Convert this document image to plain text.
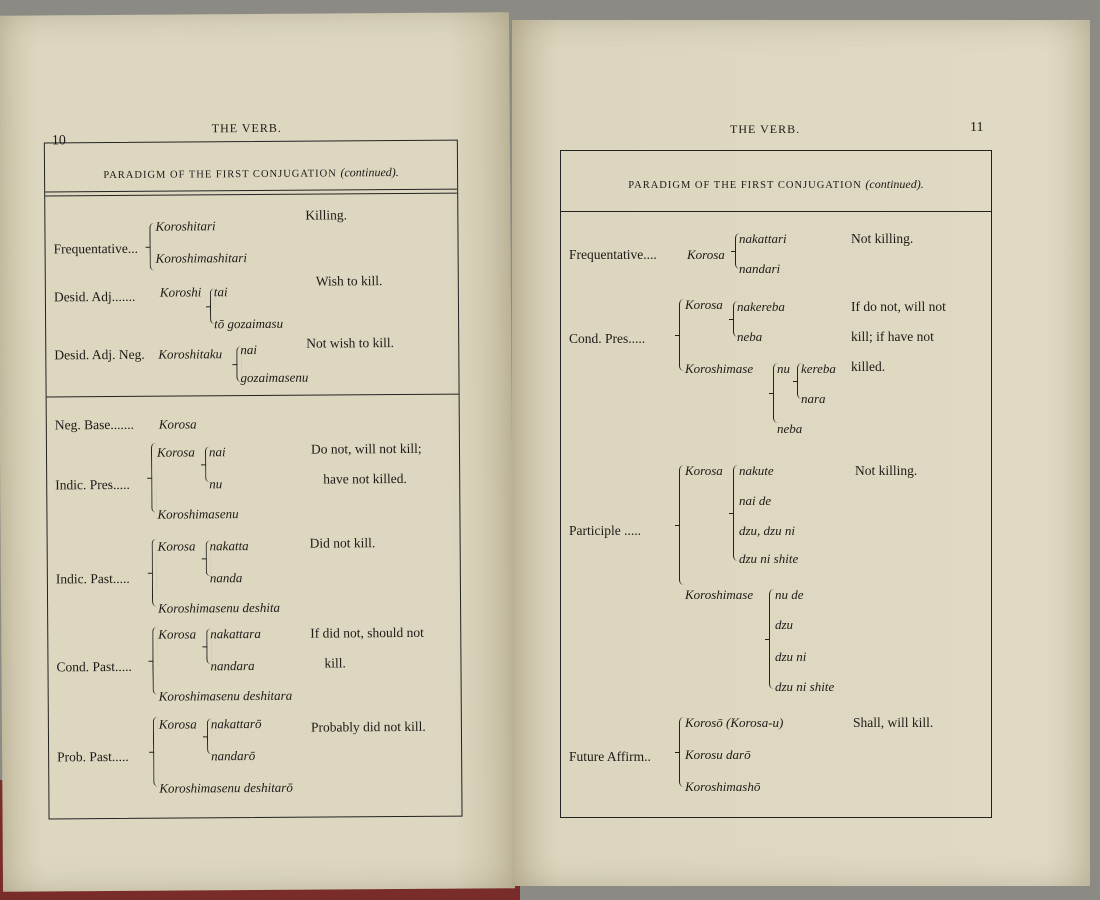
10
THE VERB.
PARADIGM OF THE FIRST CONJUGATION (continued).
Frequentative...
Koroshitari
Koroshimashitari
Killing.
Desid. Adj....... Koroshi tai
tō gozaimasu
Wish to kill.
Desid. Adj. Neg. Koroshitaku nai
gozaimasenu
Not wish to kill.
Neg. Base....... Korosa
Indic. Pres.....
Korosa nai
nu
Koroshimasenu
Do not, will not kill;
have not killed.
Indic. Past.....
Korosa nakatta
nanda
Koroshimasenu deshita
Did not kill.
Cond. Past.....
Korosa nakattara
nandara
Koroshimasenu deshitara
If did not, should not
kill.
Prob. Past.....
Korosa nakattarō
nandarō
Koroshimasenu deshitarō
Probably did not kill.
THE VERB.	11
PARADIGM OF THE FIRST CONJUGATION (continued).
Frequentative.... Korosa
nakattari
nandari
Not killing.
Cond. Pres.....
Korosa nakereba
neba
Koroshimase nu kereba
nara
neba
If do not, will not
kill; if have not
killed.
Participle .....
Korosa nakute
nai de
dzu, dzu ni
dzu ni shite
Koroshimase nu de
dzu
dzu ni
dzu ni shite
Not killing.
Future Affirm..
Korosō (Korosa-u)
Korosu darō
Koroshimashō
Shall, will kill.
